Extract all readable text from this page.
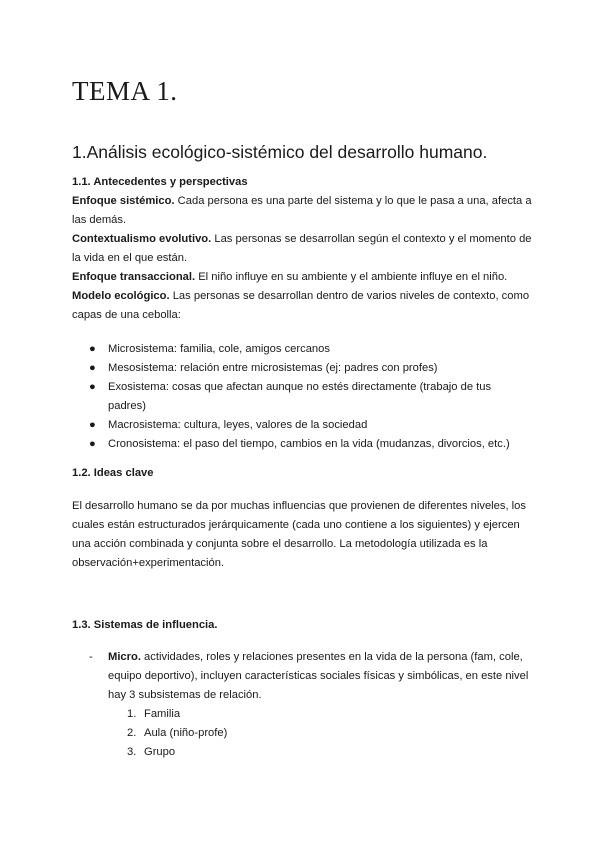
TEMA 1.
1.Análisis ecológico-sistémico del desarrollo humano.

1.1. Antecedentes y perspectivas

Enfoque sistémico. Cada persona es una parte del sistema y lo que le pasa a una, afecta a las demás.

Contextualismo evolutivo. Las personas se desarrollan según el contexto y el momento de la vida en el que están.

Enfoque transaccional. El niño influye en su ambiente y el ambiente influye en el niño.

Modelo ecológico. Las personas se desarrollan dentro de varios niveles de contexto, como capas de una cebolla:

● Microsistema: familia, cole, amigos cercanos
● Mesosistema: relación entre microsistemas (ej: padres con profes)
● Exosistema: cosas que afectan aunque no estés directamente (trabajo de tus padres)
● Macrosistema: cultura, leyes, valores de la sociedad
● Cronosistema: el paso del tiempo, cambios en la vida (mudanzas, divorcios, etc.)

1.2. Ideas clave

El desarrollo humano se da por muchas influencias que provienen de diferentes niveles, los cuales están estructurados jerárquicamente (cada uno contiene a los siguientes) y ejercen una acción combinada y conjunta sobre el desarrollo. La metodología utilizada es la observación+experimentación.

1.3. Sistemas de influencia.

-	Micro. actividades, roles y relaciones presentes en la vida de la persona (fam, cole, equipo deportivo), incluyen características sociales físicas y simbólicas, en este nivel hay 3 subsistemas de relación.

1. Familia
2. Aula (niño-profe)
3. Grupo
